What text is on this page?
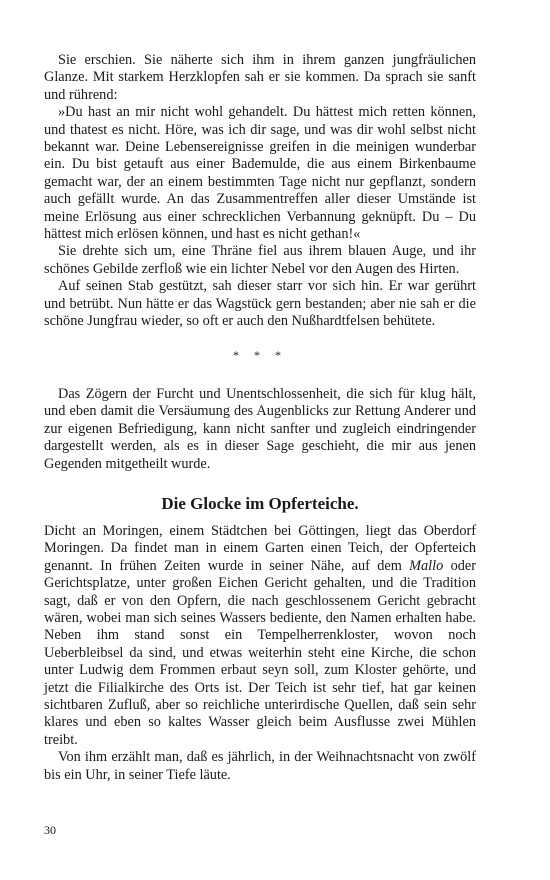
Sie erschien. Sie näherte sich ihm in ihrem ganzen jungfräulichen Glanze. Mit starkem Herzklopfen sah er sie kommen. Da sprach sie sanft und rührend:

»Du hast an mir nicht wohl gehandelt. Du hättest mich retten können, und thatest es nicht. Höre, was ich dir sage, und was dir wohl selbst nicht bekannt war. Deine Lebensereignisse greifen in die meinigen wunderbar ein. Du bist getauft aus einer Bademulde, die aus einem Birkenbaume gemacht war, der an einem bestimmten Tage nicht nur gepflanzt, sondern auch gefällt wurde. An das Zusammentreffen aller dieser Umstände ist meine Erlösung aus einer schrecklichen Verbannung geknüpft. Du – Du hättest mich erlösen können, und hast es nicht gethan!«

Sie drehte sich um, eine Thräne fiel aus ihrem blauen Auge, und ihr schönes Gebilde zerfloß wie ein lichter Nebel vor den Augen des Hirten.

Auf seinen Stab gestützt, sah dieser starr vor sich hin. Er war gerührt und betrübt. Nun hätte er das Wagstück gern bestanden; aber nie sah er die schöne Jungfrau wieder, so oft er auch den Nußhardtfelsen behütete.

* * *

Das Zögern der Furcht und Unentschlossenheit, die sich für klug hält, und eben damit die Versäumung des Augenblicks zur Rettung Anderer und zur eigenen Befriedigung, kann nicht sanfter und zugleich eindringender dargestellt werden, als es in dieser Sage geschieht, die mir aus jenen Gegenden mitgetheilt wurde.

Die Glocke im Opferteiche.

Dicht an Moringen, einem Städtchen bei Göttingen, liegt das Oberdorf Moringen. Da findet man in einem Garten einen Teich, der Opferteich genannt. In frühen Zeiten wurde in seiner Nähe, auf dem Mallo oder Gerichtsplatze, unter großen Eichen Gericht gehalten, und die Tradition sagt, daß er von den Opfern, die nach geschlossenem Gericht gebracht wären, wobei man sich seines Wassers bediente, den Namen erhalten habe. Neben ihm stand sonst ein Tempelherrenkloster, wovon noch Ueberbleibsel da sind, und etwas weiterhin steht eine Kirche, die schon unter Ludwig dem Frommen erbaut seyn soll, zum Kloster gehörte, und jetzt die Filialkirche des Orts ist. Der Teich ist sehr tief, hat gar keinen sichtbaren Zufluß, aber so reichliche unterirdische Quellen, daß sein sehr klares und eben so kaltes Wasser gleich beim Ausflusse zwei Mühlen treibt.

Von ihm erzählt man, daß es jährlich, in der Weihnachtsnacht von zwölf bis ein Uhr, in seiner Tiefe läute.

30
